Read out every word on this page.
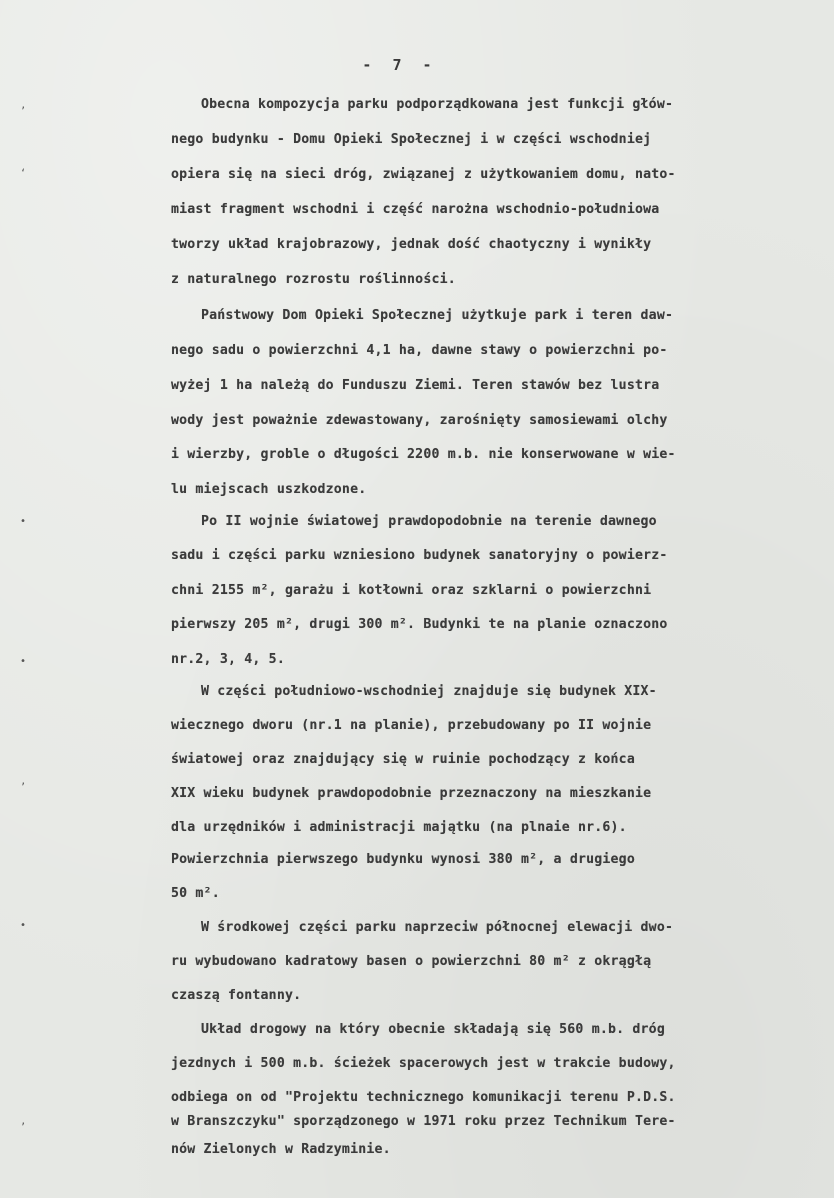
- 7 -
Obecna kompozycja parku podporządkowana jest funkcji głów-
nego budynku - Domu Opieki Społecznej i w części wschodniej
opiera się na sieci dróg, związanej z użytkowaniem domu, nato-
miast fragment wschodni i część narożna wschodnio-południowa
tworzy układ krajobrazowy, jednak dość chaotyczny i wynikły
z naturalnego rozrostu roślinności.
Państwowy Dom Opieki Społecznej użytkuje park i teren daw-
nego sadu o powierzchni 4,1 ha, dawne stawy o powierzchni po-
wyżej 1 ha należą do Funduszu Ziemi. Teren stawów bez lustra
wody jest poważnie zdewastowany, zarośnięty samosiewami olchy
i wierzby, groble o długości 2200 m.b. nie konserwowane w wie-
lu miejscach uszkodzone.
Po II wojnie światowej prawdopodobnie na terenie dawnego
sadu i części parku wzniesiono budynek sanatoryjny o powierz-
chni 2155 m², garażu i kotłowni oraz szklarni o powierzchni
pierwszy 205 m², drugi 300 m². Budynki te na planie oznaczono
nr.2, 3, 4, 5.
W części południowo-wschodniej znajduje się budynek XIX-
wiecznego dworu (nr.1 na planie), przebudowany po II wojnie
światowej oraz znajdujący się w ruinie pochodzący z końca
XIX wieku budynek prawdopodobnie przeznaczony na mieszkanie
dla urzędników i administracji majątku (na plnaie nr.6).
Powierzchnia pierwszego budynku wynosi 380 m², a drugiego
50 m².
W środkowej części parku naprzeciw północnej elewacji dwo-
ru wybudowano kadratowy basen o powierzchni 80 m² z okrągłą
czaszą fontanny.
Układ drogowy na który obecnie składają się 560 m.b. dróg
jezdnych i 500 m.b. ścieżek spacerowych jest w trakcie budowy,
odbiega on od "Projektu technicznego komunikacji terenu P.D.S.
w Branszczyku" sporządzonego w 1971 roku przez Technikum Tere-
nów Zielonych w Radzyminie.
’
‘
•
•
’
•
’
